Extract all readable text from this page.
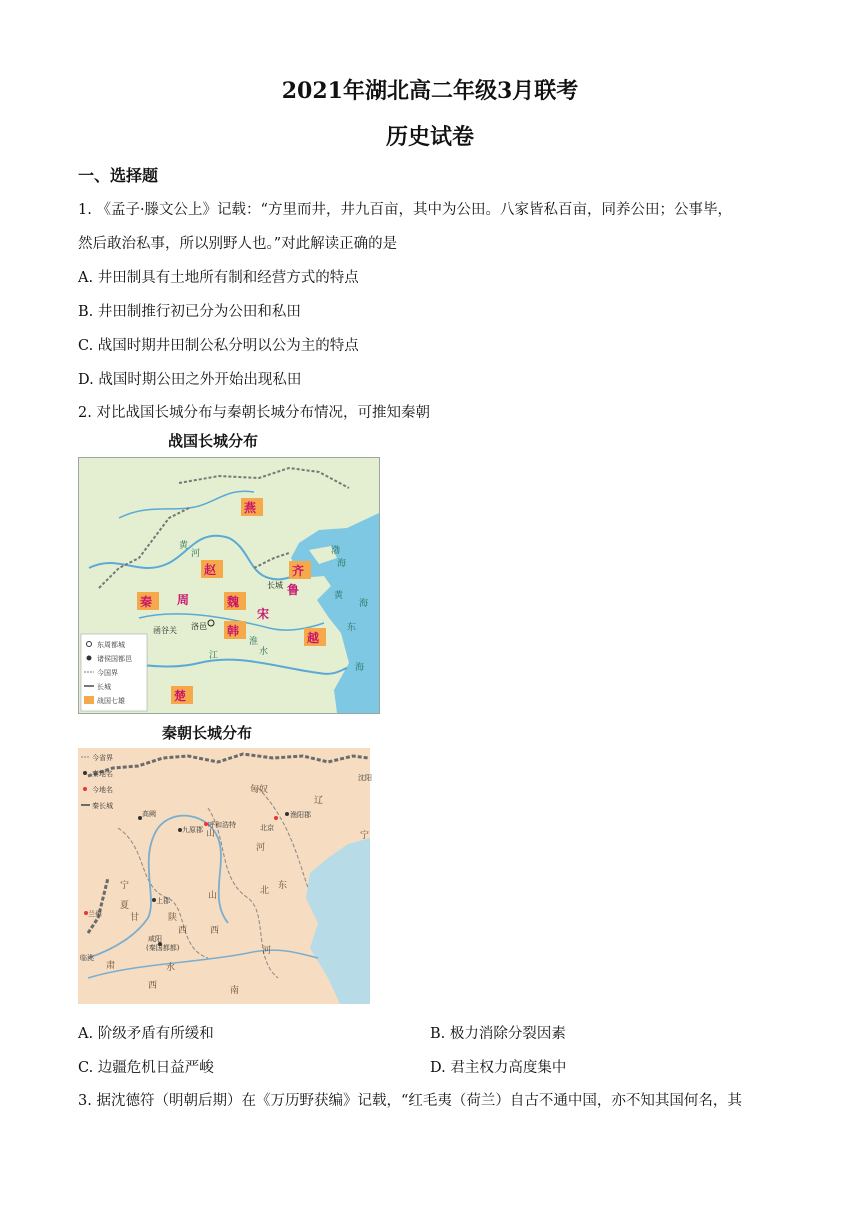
2021年湖北高二年级3月联考
历史试卷
一、选择题
1. 《孟子·滕文公上》记载：“方里而井，井九百亩，其中为公田。八家皆私百亩，同养公田；公事毕，
然后敢治私事，所以别野人也。”对此解读正确的是
A. 井田制具有土地所有制和经营方式的特点
B. 井田制推行初已分为公田和私田
C. 战国时期井田制公私分明以公为主的特点
D. 战国时期公田之外开始出现私田
2. 对比战国长城分布与秦朝长城分布情况，可推知秦朝
战国长城分布
燕
赵	齐
秦 周	魏
鲁
宋
韩	越
楚
洛邑
函谷关
长城
渤
海
黄
海
东
海
黄
河
淮
水
江
东周都城
诸侯国都邑
今国界
长城
战国七雄
秦朝长城分布
今省界
秦地名
今地名
秦长城
匈奴
辽
宁
沈阳
高阙
九原郡
呼和浩特	北京
渔阳郡
山
河
北
宁
夏	上郡
甘	陕
西
咸阳
(秦国都都)
东
兰州
临洮
肃
西
河
南
山
西
水
A. 阶级矛盾有所缓和	B. 极力消除分裂因素
C. 边疆危机日益严峻	D. 君主权力高度集中
3. 据沈德符（明朝后期）在《万历野获编》记载，“红毛夷（荷兰）自古不通中国，亦不知其国何名，其
